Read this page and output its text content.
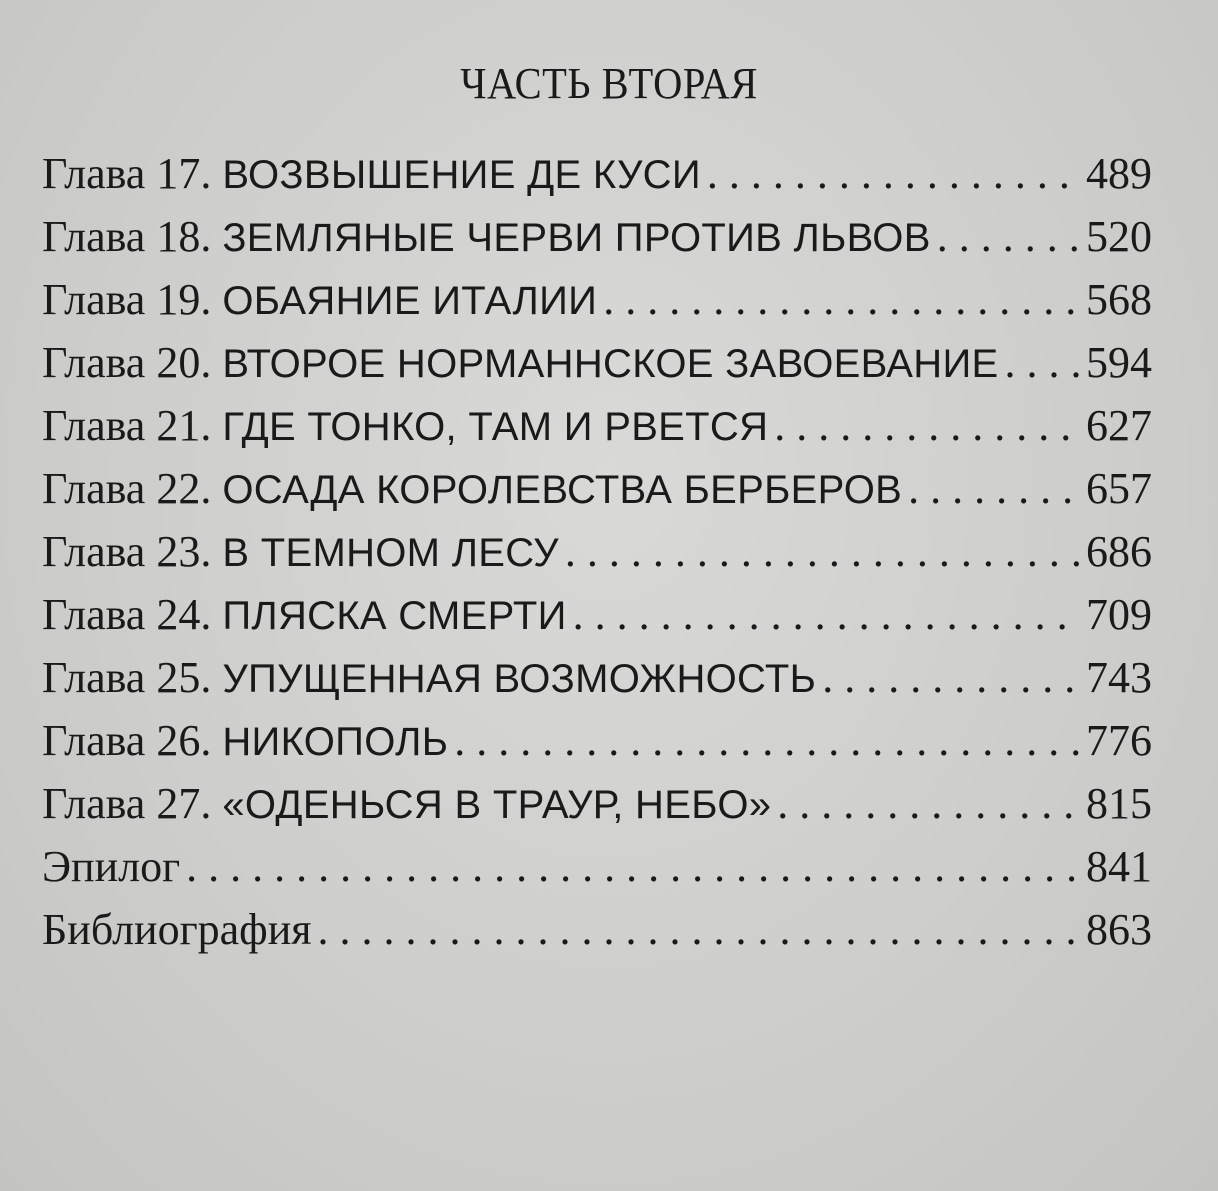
ЧАСТЬ ВТОРАЯ
Глава 17. ВОЗВЫШЕНИЕ ДЕ КУСИ . . .	489
Глава 18. ЗЕМЛЯНЫЕ ЧЕРВИ ПРОТИВ ЛЬВОВ . . .	520
Глава 19. ОБАЯНИЕ ИТАЛИИ . . .	568
Глава 20. ВТОРОЕ НОРМАННСКОЕ ЗАВОЕВАНИЕ . . . 594
Глава 21. ГДЕ ТОНКО, ТАМ И РВЕТСЯ . . .	627
Глава 22. ОСАДА КОРОЛЕВСТВА БЕРБЕРОВ . . .	657
Глава 23. В ТЕМНОМ ЛЕСУ . . .	686
Глава 24. ПЛЯСКА СМЕРТИ . . .	709
Глава 25. УПУЩЕННАЯ ВОЗМОЖНОСТЬ . . .	743
Глава 26. НИКОПОЛЬ . . .	776
Глава 27. «ОДЕНЬСЯ В ТРАУР, НЕБО» . . .	815
Эпилог . . .	841
Библиография . . .	863
